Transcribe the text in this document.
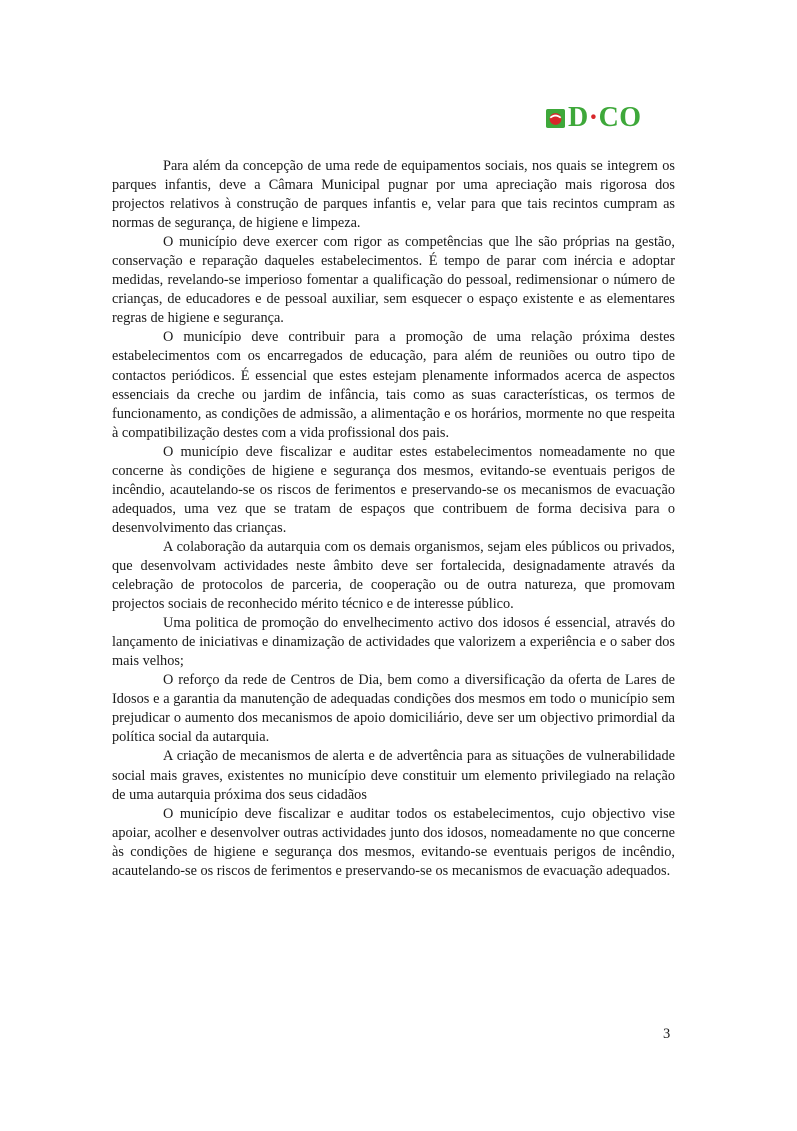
D·CO

Para além da concepção de uma rede de equipamentos sociais, nos quais se integrem os parques infantis, deve a Câmara Municipal pugnar por uma apreciação mais rigorosa dos projectos relativos à construção de parques infantis e, velar para que tais recintos cumpram as normas de segurança, de higiene e limpeza.

O município deve exercer com rigor as competências que lhe são próprias na gestão, conservação e reparação daqueles estabelecimentos. É tempo de parar com inércia e adoptar medidas, revelando-se imperioso fomentar a qualificação do pessoal, redimensionar o número de crianças, de educadores e de pessoal auxiliar, sem esquecer o espaço existente e as elementares regras de higiene e segurança.

O município deve contribuir para a promoção de uma relação próxima destes estabelecimentos com os encarregados de educação, para além de reuniões ou outro tipo de contactos periódicos. É essencial que estes estejam plenamente informados acerca de aspectos essenciais da creche ou jardim de infância, tais como as suas características, os termos de funcionamento, as condições de admissão, a alimentação e os horários, mormente no que respeita à compatibilização destes com a vida profissional dos pais.

O município deve fiscalizar e auditar estes estabelecimentos nomeadamente no que concerne às condições de higiene e segurança dos mesmos, evitando-se eventuais perigos de incêndio, acautelando-se os riscos de ferimentos e preservando-se os mecanismos de evacuação adequados, uma vez que se tratam de espaços que contribuem de forma decisiva para o desenvolvimento das crianças.

A colaboração da autarquia com os demais organismos, sejam eles públicos ou privados, que desenvolvam actividades neste âmbito deve ser fortalecida, designadamente através da celebração de protocolos de parceria, de cooperação ou de outra natureza, que promovam projectos sociais de reconhecido mérito técnico e de interesse público.

Uma politica de promoção do envelhecimento activo dos idosos é essencial, através do lançamento de iniciativas e dinamização de actividades que valorizem a experiência e o saber dos mais velhos;

O reforço da rede de Centros de Dia, bem como a diversificação da oferta de Lares de Idosos e a garantia da manutenção de adequadas condições dos mesmos em todo o município sem prejudicar o aumento dos mecanismos de apoio domiciliário, deve ser um objectivo primordial da política social da autarquia.

A criação de mecanismos de alerta e de advertência para as situações de vulnerabilidade social mais graves, existentes no município deve constituir um elemento privilegiado na relação de uma autarquia próxima dos seus cidadãos

O município deve fiscalizar e auditar todos os estabelecimentos, cujo objectivo vise apoiar, acolher e desenvolver outras actividades junto dos idosos, nomeadamente no que concerne às condições de higiene e segurança dos mesmos, evitando-se eventuais perigos de incêndio, acautelando-se os riscos de ferimentos e preservando-se os mecanismos de evacuação adequados.

3
